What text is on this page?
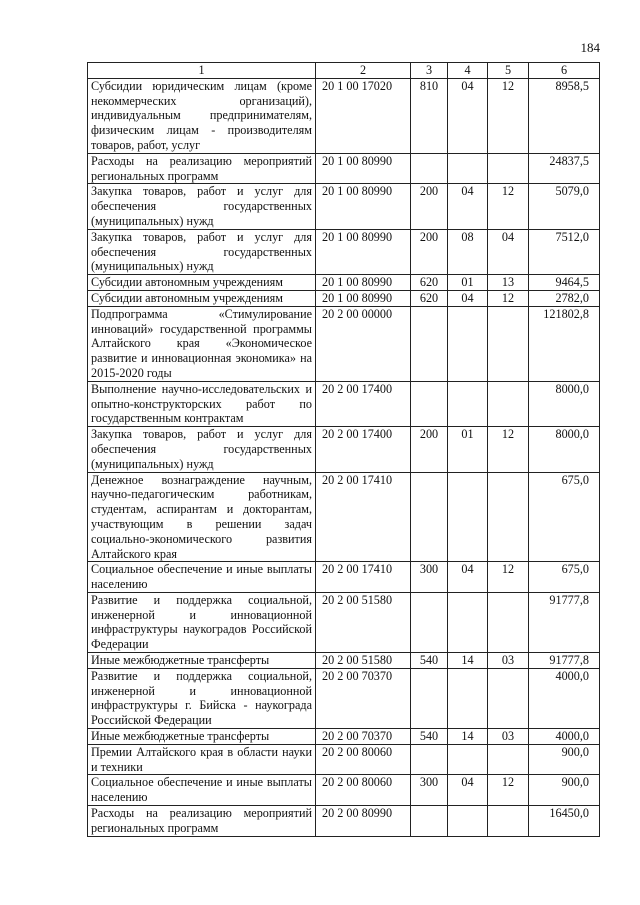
184
1	2	3	4	5	6
Субсидии юридическим лицам (кроме некоммерческих организаций), индивидуальным предпринимателям, физическим лицам - производителям товаров, работ, услуг	20 1 00 17020	810	04	12	8958,5
Расходы на реализацию мероприятий региональных программ	20 1 00 80990				24837,5
Закупка товаров, работ и услуг для обеспечения государственных (муниципальных) нужд	20 1 00 80990	200	04	12	5079,0
Закупка товаров, работ и услуг для обеспечения государственных (муниципальных) нужд	20 1 00 80990	200	08	04	7512,0
Субсидии автономным учреждениям	20 1 00 80990	620	01	13	9464,5
Субсидии автономным учреждениям	20 1 00 80990	620	04	12	2782,0
Подпрограмма «Стимулирование инноваций» государственной программы Алтайского края «Экономическое развитие и инновационная экономика» на 2015-2020 годы	20 2 00 00000				121802,8
Выполнение научно-исследовательских и опытно-конструкторских работ по государственным контрактам	20 2 00 17400				8000,0
Закупка товаров, работ и услуг для обеспечения государственных (муниципальных) нужд	20 2 00 17400	200	01	12	8000,0
Денежное вознаграждение научным, научно-педагогическим работникам, студентам, аспирантам и докторантам, участвующим в решении задач социально-экономического развития Алтайского края	20 2 00 17410				675,0
Социальное обеспечение и иные выплаты населению	20 2 00 17410	300	04	12	675,0
Развитие и поддержка социальной, инженерной и инновационной инфраструктуры наукоградов Российской Федерации	20 2 00 51580				91777,8
Иные межбюджетные трансферты	20 2 00 51580	540	14	03	91777,8
Развитие и поддержка социальной, инженерной и инновационной инфраструктуры г. Бийска - наукограда Российской Федерации	20 2 00 70370				4000,0
Иные межбюджетные трансферты	20 2 00 70370	540	14	03	4000,0
Премии Алтайского края в области науки и техники	20 2 00 80060				900,0
Социальное обеспечение и иные выплаты населению	20 2 00 80060	300	04	12	900,0
Расходы на реализацию мероприятий региональных программ	20 2 00 80990				16450,0
